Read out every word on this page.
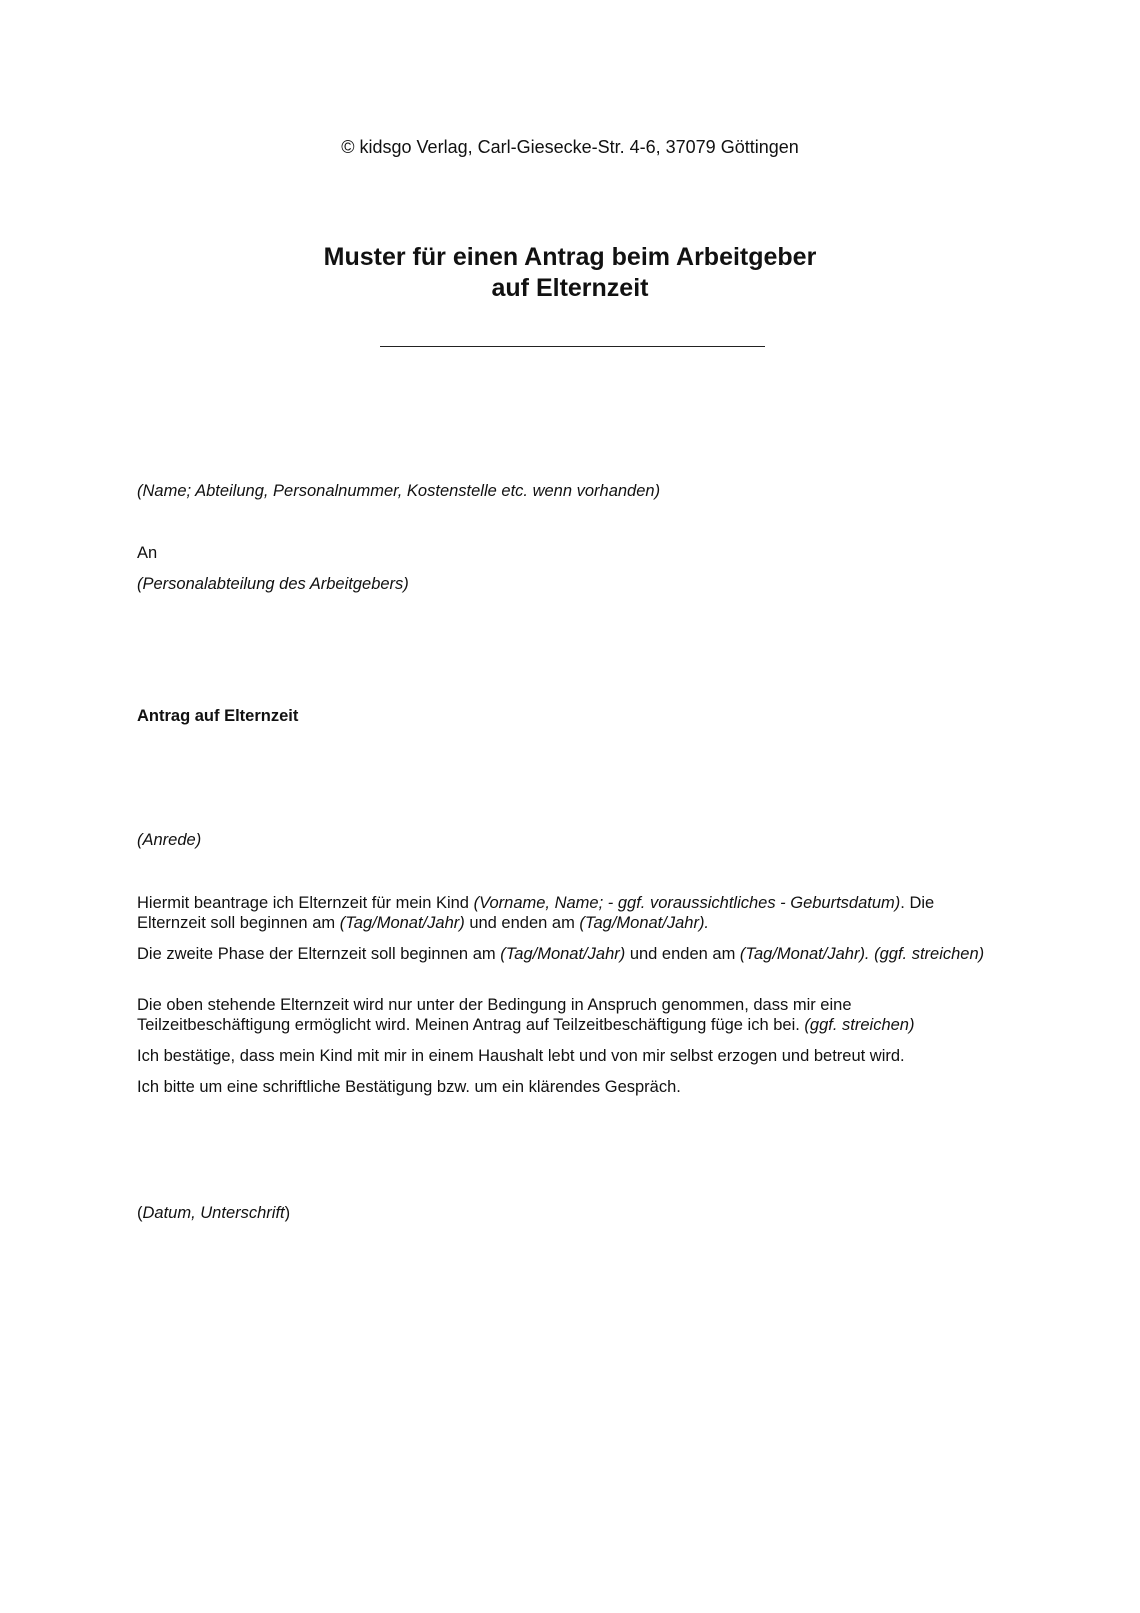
© kidsgo Verlag, Carl-Giesecke-Str. 4-6, 37079 Göttingen
Muster für einen Antrag beim Arbeitgeber
auf Elternzeit
(Name; Abteilung, Personalnummer, Kostenstelle etc. wenn vorhanden)
An
(Personalabteilung des Arbeitgebers)
Antrag auf Elternzeit
(Anrede)
Hiermit beantrage ich Elternzeit für mein Kind (Vorname, Name; - ggf. voraussichtliches - Geburtsdatum). Die Elternzeit soll beginnen am (Tag/Monat/Jahr) und enden am (Tag/Monat/Jahr).
Die zweite Phase der Elternzeit soll beginnen am (Tag/Monat/Jahr) und enden am (Tag/Monat/Jahr). (ggf. streichen)
Die oben stehende Elternzeit wird nur unter der Bedingung in Anspruch genommen, dass mir eine Teilzeitbeschäftigung ermöglicht wird. Meinen Antrag auf Teilzeitbeschäftigung füge ich bei. (ggf. streichen)
Ich bestätige, dass mein Kind mit mir in einem Haushalt lebt und von mir selbst erzogen und betreut wird.
Ich bitte um eine schriftliche Bestätigung bzw. um ein klärendes Gespräch.
(Datum, Unterschrift)
